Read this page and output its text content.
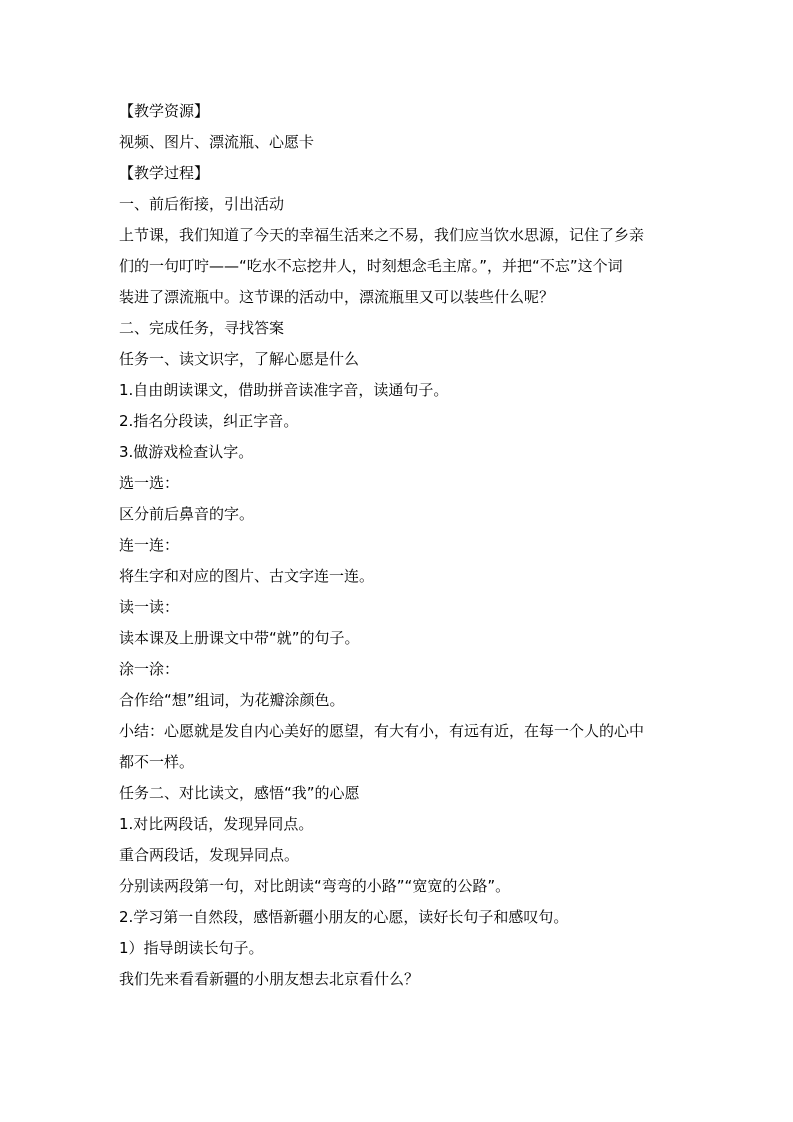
【教学资源】
视频、图片、漂流瓶、心愿卡
【教学过程】
一、前后衔接，引出活动
上节课，我们知道了今天的幸福生活来之不易，我们应当饮水思源，记住了乡亲
们的一句叮咛——“吃水不忘挖井人，时刻想念毛主席。”，并把“不忘”这个词
装进了漂流瓶中。这节课的活动中，漂流瓶里又可以装些什么呢？
二、完成任务，寻找答案
任务一、读文识字，了解心愿是什么
1.自由朗读课文，借助拼音读准字音，读通句子。
2.指名分段读，纠正字音。
3.做游戏检查认字。
选一选：
区分前后鼻音的字。
连一连：
将生字和对应的图片、古文字连一连。
读一读：
读本课及上册课文中带“就”的句子。
涂一涂：
合作给“想”组词，为花瓣涂颜色。
小结：心愿就是发自内心美好的愿望，有大有小，有远有近，在每一个人的心中
都不一样。
任务二、对比读文，感悟“我”的心愿
1.对比两段话，发现异同点。
重合两段话，发现异同点。
分别读两段第一句，对比朗读“弯弯的小路”“宽宽的公路”。
2.学习第一自然段，感悟新疆小朋友的心愿，读好长句子和感叹句。
1）指导朗读长句子。
我们先来看看新疆的小朋友想去北京看什么？
